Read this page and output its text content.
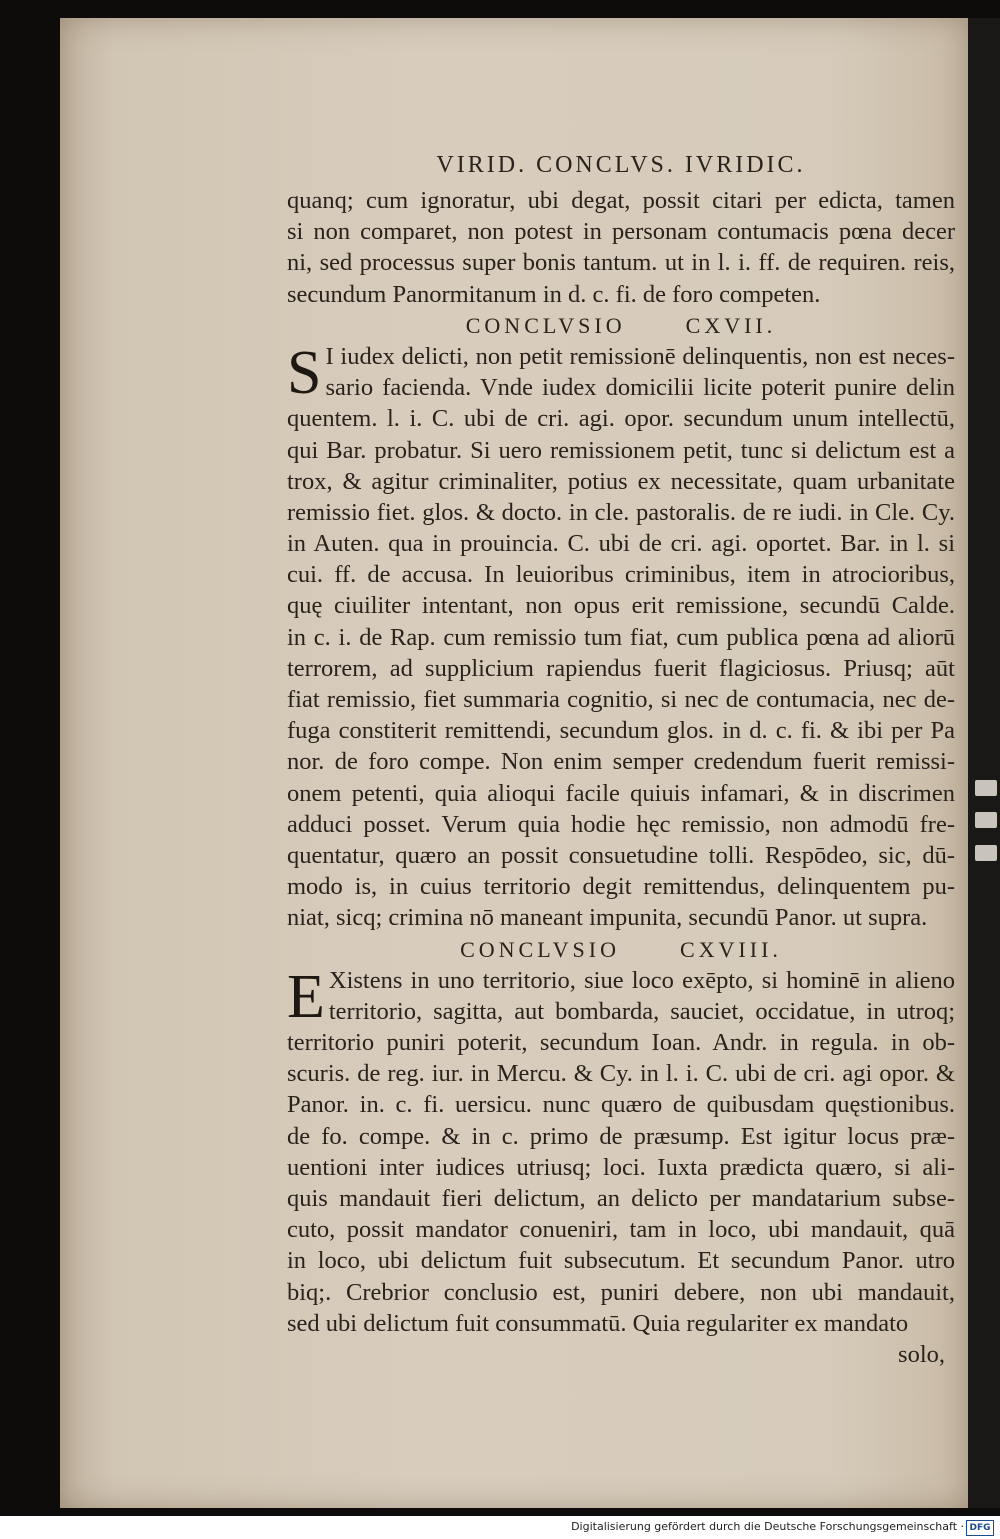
VIRID. CONCLVS. IVRIDIC.
quanq; cum ignoratur, ubi degat, possit citari per edicta, tamen
si non comparet, non potest in personam contumacis pœna decer
ni, sed processus super bonis tantum. ut in l. i. ff. de requiren. reis,
secundum Panormitanum in d. c. fi. de foro competen.
CONCLVSIO	CXVII.
S I iudex delicti, non petit remissionē delinquentis, non est neces-
sario facienda. Vnde iudex domicilii licite poterit punire delin
quentem. l. i. C. ubi de cri. agi. opor. secundum unum intellectū,
qui Bar. probatur. Si uero remissionem petit, tunc si delictum est a
trox, & agitur criminaliter, potius ex necessitate, quam urbanitate
remissio fiet. glos. & docto. in cle. pastoralis. de re iudi. in Cle. Cy.
in Auten. qua in prouincia. C. ubi de cri. agi. oportet. Bar. in l. si
cui. ff. de accusa. In leuioribus criminibus, item in atrocioribus,
quę ciuiliter intentant, non opus erit remissione, secundū Calde.
in c. i. de Rap. cum remissio tum fiat, cum publica pœna ad aliorū
terrorem, ad supplicium rapiendus fuerit flagiciosus. Priusq; aūt
fiat remissio, fiet summaria cognitio, si nec de contumacia, nec de-
fuga constiterit remittendi, secundum glos. in d. c. fi. & ibi per Pa
nor. de foro compe. Non enim semper credendum fuerit remissi-
onem petenti, quia alioqui facile quiuis infamari, & in discrimen
adduci posset. Verum quia hodie hęc remissio, non admodū fre-
quentatur, quæro an possit consuetudine tolli. Respōdeo, sic, dū-
modo is, in cuius territorio degit remittendus, delinquentem pu-
niat, sicq; crimina nō maneant impunita, secundū Panor. ut supra.
CONCLVSIO	CXVIII.
E Xistens in uno territorio, siue loco exēpto, si hominē in alieno
territorio, sagitta, aut bombarda, sauciet, occidatue, in utroq;
territorio puniri poterit, secundum Ioan. Andr. in regula. in ob-
scuris. de reg. iur. in Mercu. & Cy. in l. i. C. ubi de cri. agi opor. &
Panor. in. c. fi. uersicu. nunc quæro de quibusdam quęstionibus.
de fo. compe. & in c. primo de præsump. Est igitur locus præ-
uentioni inter iudices utriusq; loci. Iuxta prædicta quæro, si ali-
quis mandauit fieri delictum, an delicto per mandatarium subse-
cuto, possit mandator conueniri, tam in loco, ubi mandauit, quā
in loco, ubi delictum fuit subsecutum. Et secundum Panor. utro
biq;. Crebrior conclusio est, puniri debere, non ubi mandauit,
sed ubi delictum fuit consummatū. Quia regulariter ex mandato
solo,
Digitalisierung gefördert durch die Deutsche Forschungsgemeinschaft · DFG
